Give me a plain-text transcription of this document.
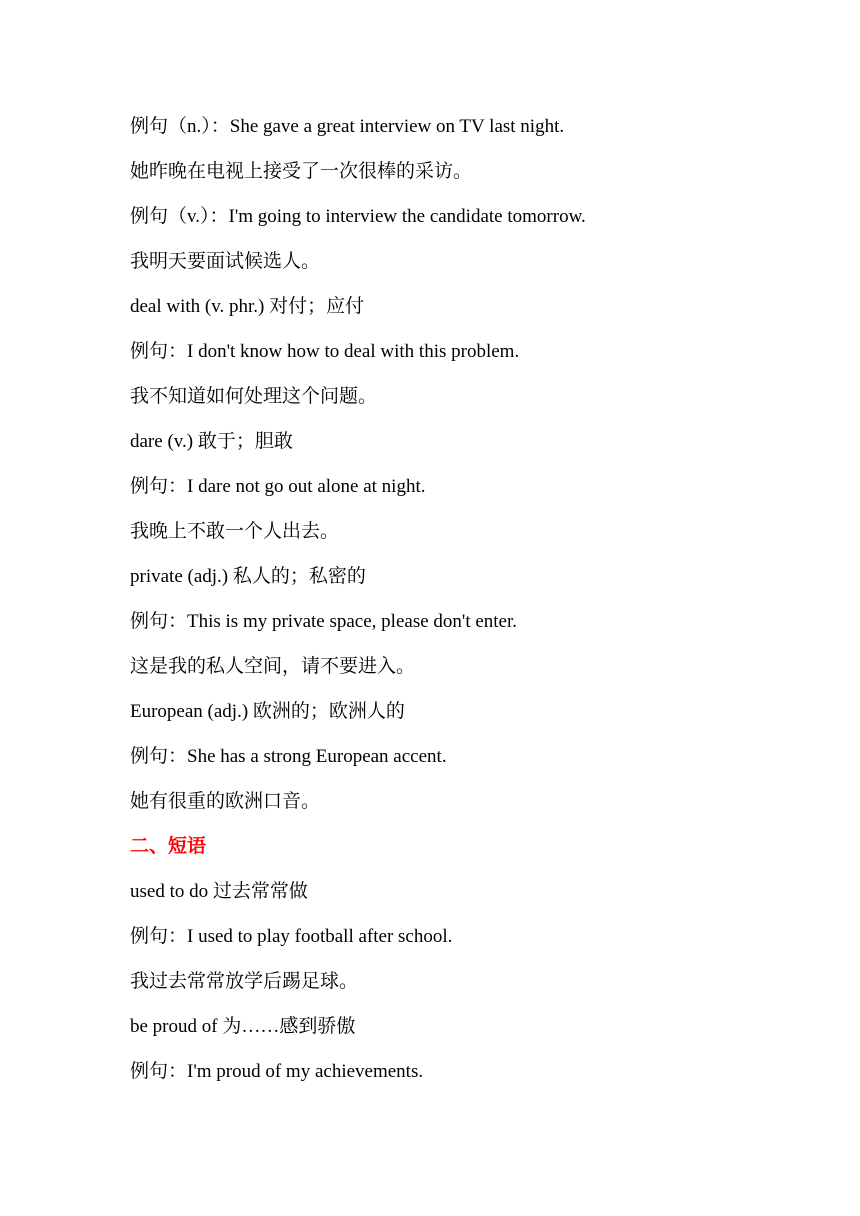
例句（n.）：She gave a great interview on TV last night.
她昨晚在电视上接受了一次很棒的采访。
例句（v.）：I'm going to interview the candidate tomorrow.
我明天要面试候选人。
deal with (v. phr.) 对付；应付
例句：I don't know how to deal with this problem.
我不知道如何处理这个问题。
dare (v.) 敢于；胆敢
例句：I dare not go out alone at night.
我晚上不敢一个人出去。
private (adj.) 私人的；私密的
例句：This is my private space, please don't enter.
这是我的私人空间，请不要进入。
European (adj.) 欧洲的；欧洲人的
例句：She has a strong European accent.
她有很重的欧洲口音。
二、短语
used to do 过去常常做
例句：I used to play football after school.
我过去常常放学后踢足球。
be proud of 为……感到骄傲
例句：I'm proud of my achievements.
